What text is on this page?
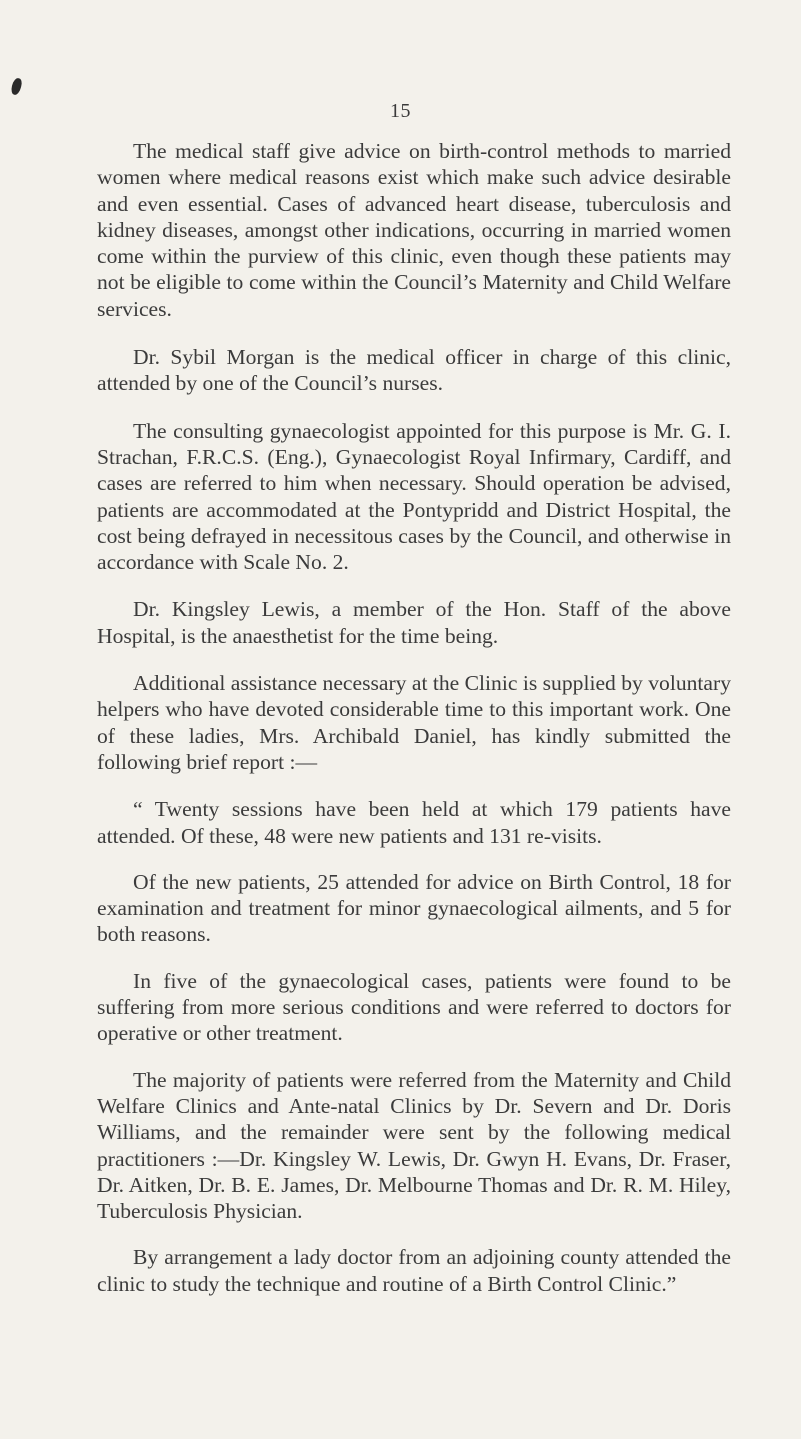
15

The medical staff give advice on birth-control methods to married women where medical reasons exist which make such advice desirable and even essential. Cases of advanced heart disease, tuberculosis and kidney diseases, amongst other indications, occurring in married women come within the purview of this clinic, even though these patients may not be eligible to come within the Council’s Maternity and Child Welfare services.

Dr. Sybil Morgan is the medical officer in charge of this clinic, attended by one of the Council’s nurses.

The consulting gynaecologist appointed for this purpose is Mr. G. I. Strachan, F.R.C.S. (Eng.), Gynaecologist Royal Infirmary, Cardiff, and cases are referred to him when necessary. Should operation be advised, patients are accommodated at the Pontypridd and District Hospital, the cost being defrayed in necessitous cases by the Council, and otherwise in accordance with Scale No. 2.

Dr. Kingsley Lewis, a member of the Hon. Staff of the above Hospital, is the anaesthetist for the time being.

Additional assistance necessary at the Clinic is supplied by voluntary helpers who have devoted considerable time to this important work. One of these ladies, Mrs. Archibald Daniel, has kindly submitted the following brief report :—

“ Twenty sessions have been held at which 179 patients have attended. Of these, 48 were new patients and 131 re-visits.

Of the new patients, 25 attended for advice on Birth Control, 18 for examination and treatment for minor gynaecological ailments, and 5 for both reasons.

In five of the gynaecological cases, patients were found to be suffering from more serious conditions and were referred to doctors for operative or other treatment.

The majority of patients were referred from the Maternity and Child Welfare Clinics and Ante-natal Clinics by Dr. Severn and Dr. Doris Williams, and the remainder were sent by the following medical practitioners :—Dr. Kingsley W. Lewis, Dr. Gwyn H. Evans, Dr. Fraser, Dr. Aitken, Dr. B. E. James, Dr. Melbourne Thomas and Dr. R. M. Hiley, Tuberculosis Physician.

By arrangement a lady doctor from an adjoining county attended the clinic to study the technique and routine of a Birth Control Clinic.”
